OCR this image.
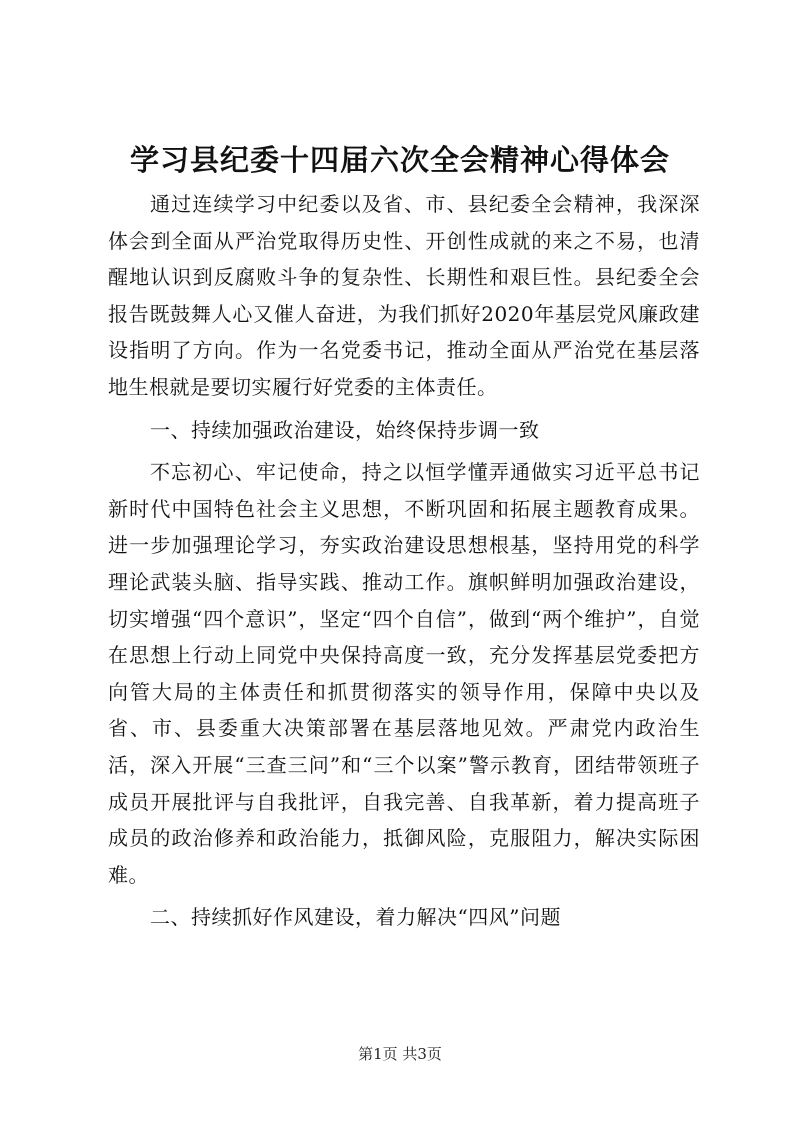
学习县纪委十四届六次全会精神心得体会

通过连续学习中纪委以及省、市、县纪委全会精神，我深深体会到全面从严治党取得历史性、开创性成就的来之不易，也清醒地认识到反腐败斗争的复杂性、长期性和艰巨性。县纪委全会报告既鼓舞人心又催人奋进，为我们抓好2020年基层党风廉政建设指明了方向。作为一名党委书记，推动全面从严治党在基层落地生根就是要切实履行好党委的主体责任。

一、持续加强政治建设，始终保持步调一致

不忘初心、牢记使命，持之以恒学懂弄通做实习近平总书记新时代中国特色社会主义思想，不断巩固和拓展主题教育成果。进一步加强理论学习，夯实政治建设思想根基，坚持用党的科学理论武装头脑、指导实践、推动工作。旗帜鲜明加强政治建设，切实增强“四个意识”，坚定“四个自信”，做到“两个维护”，自觉在思想上行动上同党中央保持高度一致，充分发挥基层党委把方向管大局的主体责任和抓贯彻落实的领导作用，保障中央以及省、市、县委重大决策部署在基层落地见效。严肃党内政治生活，深入开展“三查三问”和“三个以案”警示教育，团结带领班子成员开展批评与自我批评，自我完善、自我革新，着力提高班子成员的政治修养和政治能力，抵御风险，克服阻力，解决实际困难。

二、持续抓好作风建设，着力解决“四风”问题

第1页 共3页
